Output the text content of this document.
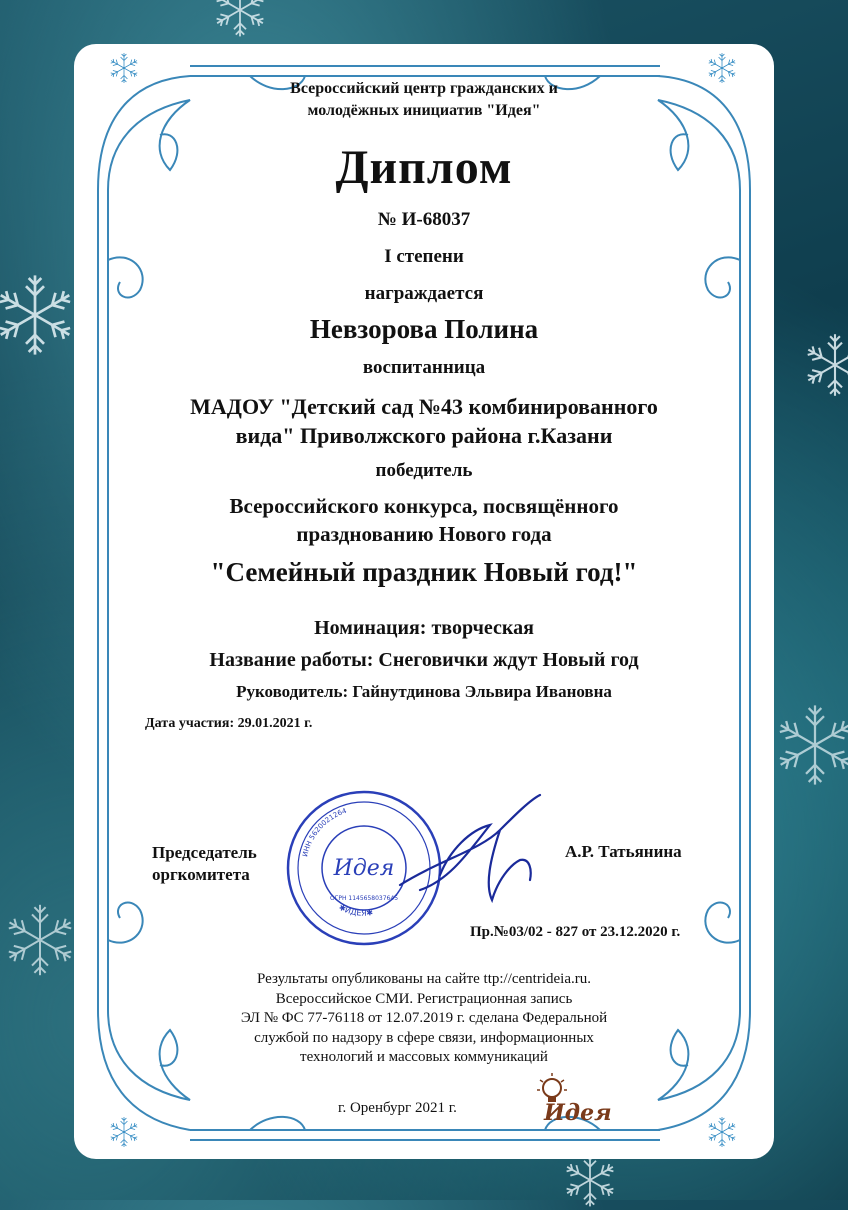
Всероссийский центр гражданских и
молодёжных инициатив "Идея"
Диплом
№ И-68037
I степени
награждается
Невзорова Полина
воспитанница
МАДОУ "Детский сад №43 комбинированного
вида" Приволжского района г.Казани
победитель
Всероссийского конкурса, посвящённого
празднованию Нового года
"Семейный праздник Новый год!"
Номинация: творческая
Название работы: Снеговички ждут Новый год
Руководитель: Гайнутдинова Эльвира Ивановна
Дата участия: 29.01.2021 г.
Председатель
оргкомитета
ИНН 5620021264
✱ИДЕЯ✱
Идея
ОГРН 1145658037645
А.Р. Татьянина
Пр.№03/02 - 827 от 23.12.2020 г.
Результаты опубликованы на сайте ttp://centrideia.ru.
Всероссийское СМИ. Регистрационная запись
ЭЛ № ФС 77-76118 от 12.07.2019 г. сделана Федеральной
службой по надзору в сфере связи, информационных
технологий и массовых коммуникаций
г. Оренбург 2021 г.	Идея
